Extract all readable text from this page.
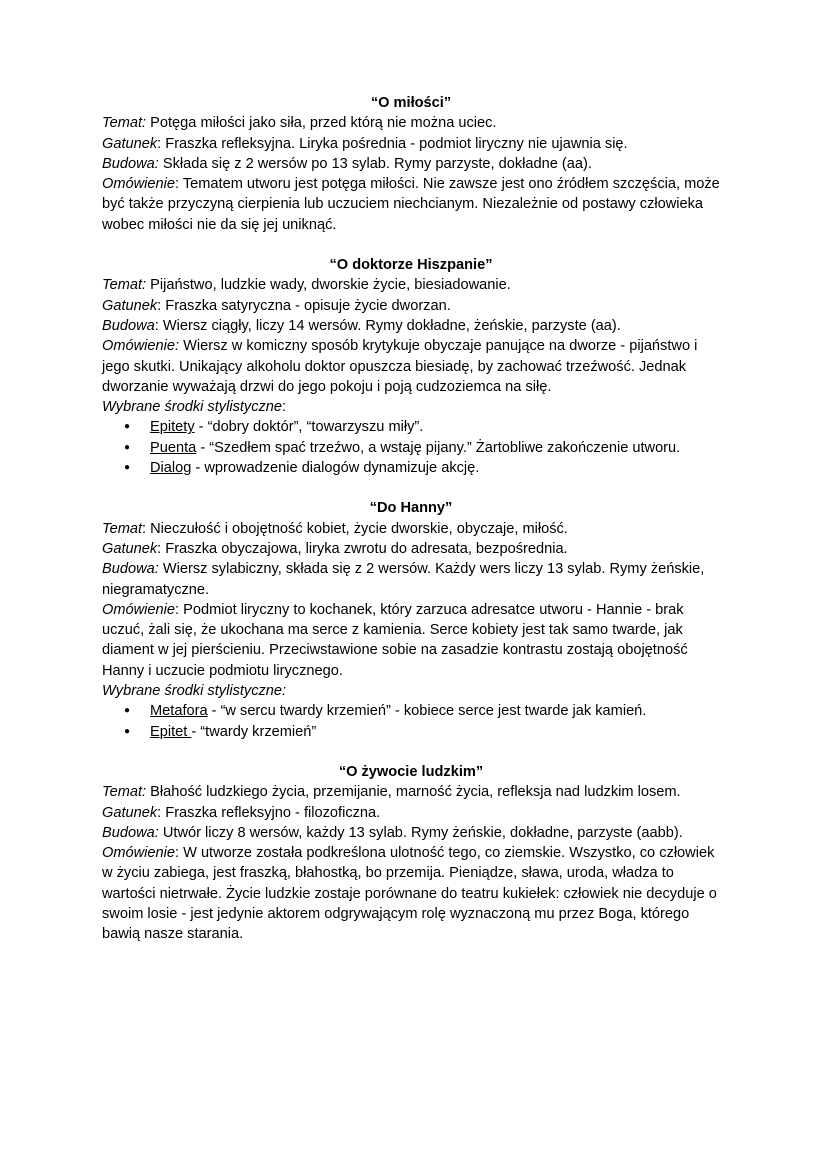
“O miłości”

Temat: Potęga miłości jako siła, przed którą nie można uciec.

Gatunek: Fraszka refleksyjna. Liryka pośrednia - podmiot liryczny nie ujawnia się.

Budowa: Składa się z 2 wersów po 13 sylab. Rymy parzyste, dokładne (aa).

Omówienie: Tematem utworu jest potęga miłości. Nie zawsze jest ono źródłem szczęścia, może być także przyczyną cierpienia lub uczuciem niechcianym. Niezależnie od postawy człowieka wobec miłości nie da się jej uniknąć.

“O doktorze Hiszpanie”

Temat: Pijaństwo, ludzkie wady, dworskie życie, biesiadowanie.

Gatunek: Fraszka satyryczna - opisuje życie dworzan.

Budowa: Wiersz ciągły, liczy 14 wersów. Rymy dokładne, żeńskie, parzyste (aa).

Omówienie: Wiersz w komiczny sposób krytykuje obyczaje panujące na dworze - pijaństwo i jego skutki. Unikający alkoholu doktor opuszcza biesiadę, by zachować trzeźwość. Jednak dworzanie wyważają drzwi do jego pokoju i poją cudzoziemca na siłę.

Wybrane środki stylistyczne:

● Epitety - “dobry doktór”, “towarzyszu miły”.
● Puenta - “Szedłem spać trzeźwo, a wstaję pijany.” Żartobliwe zakończenie utworu.
● Dialog - wprowadzenie dialogów dynamizuje akcję.

“Do Hanny”

Temat: Nieczułość i obojętność kobiet, życie dworskie, obyczaje, miłość.

Gatunek: Fraszka obyczajowa, liryka zwrotu do adresata, bezpośrednia.

Budowa: Wiersz sylabiczny, składa się z 2 wersów. Każdy wers liczy 13 sylab. Rymy żeńskie, niegramatyczne.

Omówienie: Podmiot liryczny to kochanek, który zarzuca adresatce utworu - Hannie - brak uczuć, żali się, że ukochana ma serce z kamienia. Serce kobiety jest tak samo twarde, jak diament w jej pierścieniu. Przeciwstawione sobie na zasadzie kontrastu zostają obojętność Hanny i uczucie podmiotu lirycznego.

Wybrane środki stylistyczne:

● Metafora - “w sercu twardy krzemień” - kobiece serce jest twarde jak kamień.
● Epitet - “twardy krzemień”

“O żywocie ludzkim”

Temat: Błahość ludzkiego życia, przemijanie, marność życia, refleksja nad ludzkim losem.

Gatunek: Fraszka refleksyjno - filozoficzna.

Budowa: Utwór liczy 8 wersów, każdy 13 sylab. Rymy żeńskie, dokładne, parzyste (aabb).

Omówienie: W utworze została podkreślona ulotność tego, co ziemskie. Wszystko, co człowiek w życiu zabiega, jest fraszką, błahostką, bo przemija. Pieniądze, sława, uroda, władza to wartości nietrwałe. Życie ludzkie zostaje porównane do teatru kukiełek: człowiek nie decyduje o swoim losie - jest jedynie aktorem odgrywającym rolę wyznaczoną mu przez Boga, którego bawią nasze starania.
